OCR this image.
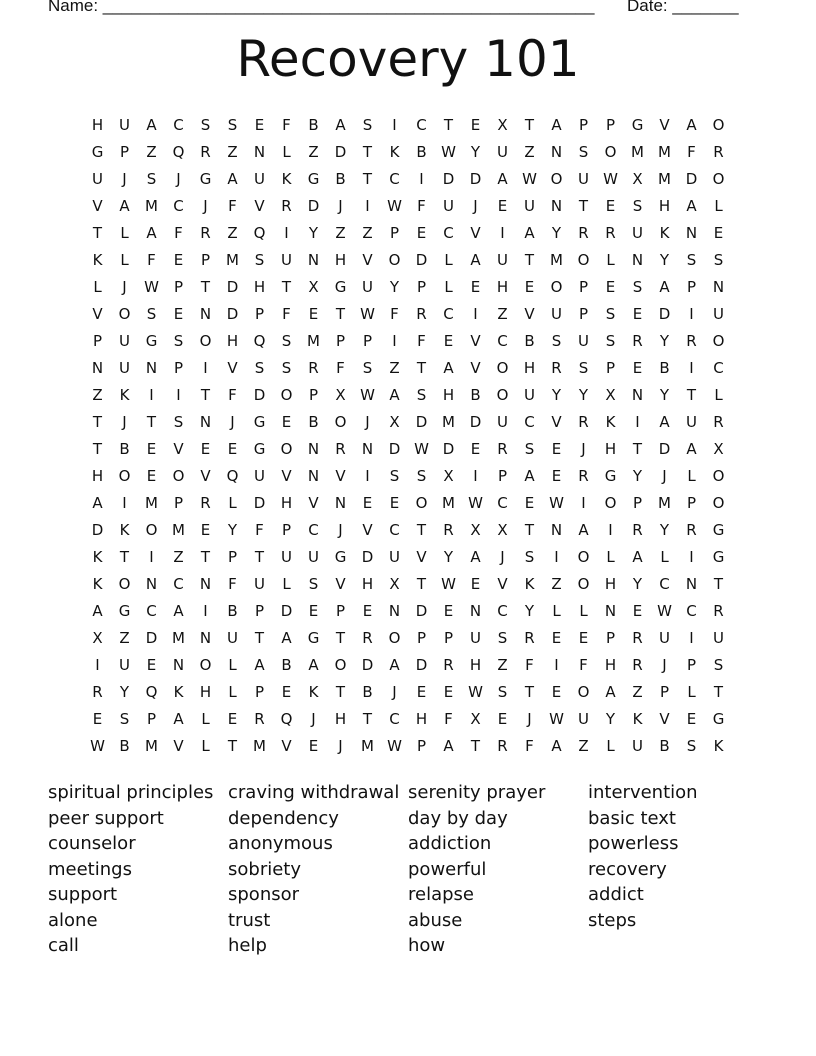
Name: ____________________________________________________ Date: _______
Recovery 101
H	U	A	C	S	S	E	F	B	A	S	I	C	T	E	X	T	A	P	P	G	V	A	O
G	P	Z	Q	R	Z	N	L	Z	D	T	K	B W Y	U	Z	N	S	O M M	F	R
U	J	S	J	G	A	U	K	G	B	T	C	I	D	D	A W O	U W X	M D	O
V	A	M	C	J	F	V	R	D	J	I	W	F	U	J	E	U	N	T	E	S	H	A	L
T	L	A	F	R	Z	Q	I	Y	Z	Z	P	E	C	V	I	A	Y	R	R	U	K	N	E
K	L	F	E	P	M	S	U	N	H	V	O	D	L	A	U	T	M O	L	N	Y	S	S
L	J	W	P	T	D	H	T	X	G	U	Y	P	L	E	H	E	O	P	E	S	A	P	N
V	O	S	E	N	D	P	F	E	T	W	F	R	C	I	Z	V	U	P	S	E	D	I	U
P	U	G	S	O	H	Q	S	M	P	P	I	F	E	V	C	B	S	U	S	R	Y	R	O
N	U	N	P	I	V	S	S	R	F	S	Z	T	A	V	O	H	R	S	P	E	B	I	C
Z	K	I	I	T	F	D	O	P	X W A	S	H	B	O	U	Y	Y	X	N	Y	T	L
T	J	T	S	N	J	G	E	B	O	J	X	D M D	U	C	V	R	K	I	A	U	R
T	B	E	V	E	E	G	O	N	R	N	D W D	E	R	S	E	J	H	T	D	A	X
H	O	E	O	V	Q	U	V	N	V	I	S	S	X	I	P	A	E	R	G	Y	J	L	O
A	I	M	P	R	L	D	H	V	N	E	E	O M W C	E W	I	O	P	M	P	O
D	K	O M	E	Y	F	P	C	J	V	C	T	R	X	X	T	N	A	I	R	Y	R	G
K	T	I	Z	T	P	T	U	U	G	D	U	V	Y	A	J	S	I	O	L	A	L	I	G
K	O	N	C	N	F	U	L	S	V	H	X	T	W E	V	K	Z	O	H	Y	C	N	T
A	G	C	A	I	B	P	D	E	P	E	N	D	E	N	C	Y	L	L	N	E W C	R
X	Z	D M N	U	T	A	G	T	R	O	P	P	U	S	R	E	E	P	R	U	I	U
I	U	E	N	O	L	A	B	A	O	D	A	D	R	H	Z	F	I	F	H	R	J	P	S
R	Y	Q	K	H	L	P	E	K	T	B	J	E	E W S	T	E	O	A	Z	P	L	T
E	S	P	A	L	E	R	Q	J	H	T	C	H	F	X	E	J	W U	Y	K	V	E	G
W B	M	V	L	T	M	V	E	J	M W	P	A	T	R	F	A	Z	L	U	B	S	K
spiritual principles
peer support
counselor
meetings
support
alone
call
craving withdrawal
dependency
anonymous
sobriety
sponsor
trust
help
serenity prayer
day by day
addiction
powerful
relapse
abuse
how
intervention
basic text
powerless
recovery
addict
steps
